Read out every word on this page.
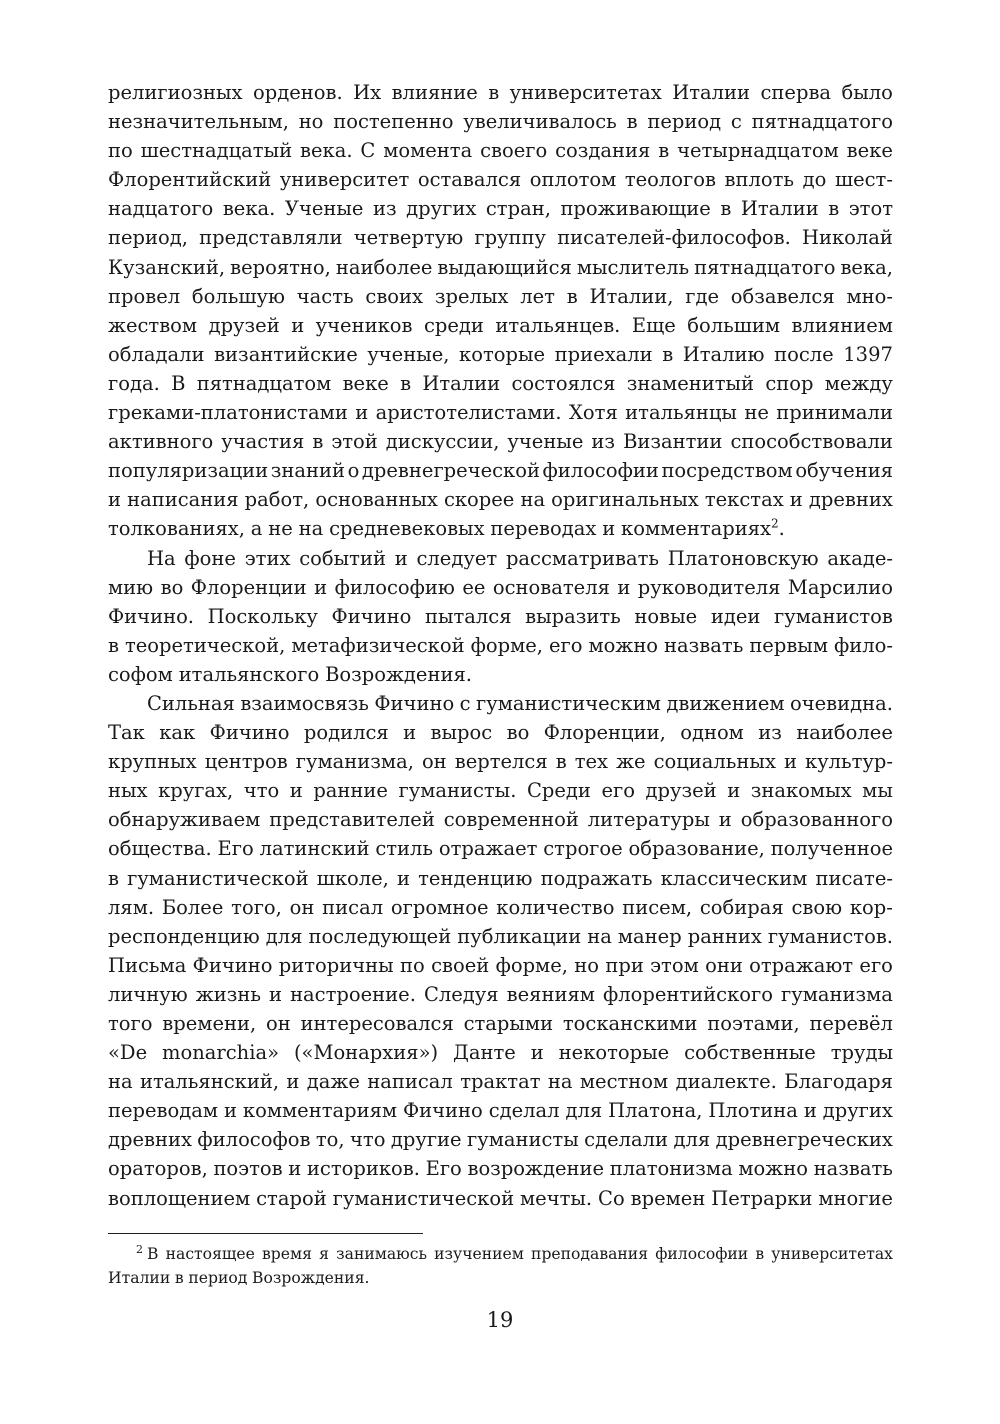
религиозных орденов. Их влияние в университетах Италии сперва было
незначительным, но постепенно увеличивалось в период с пятнадцатого
по шестнадцатый века. С момента своего создания в четырнадцатом веке
Флорентийский университет оставался оплотом теологов вплоть до шест-
надцатого века. Ученые из других стран, проживающие в Италии в этот
период, представляли четвертую группу писателей-философов. Николай
Кузанский, вероятно, наиболее выдающийся мыслитель пятнадцатого века,
провел большую часть своих зрелых лет в Италии, где обзавелся мно-
жеством друзей и учеников среди итальянцев. Еще большим влиянием
обладали византийские ученые, которые приехали в Италию после 1397
года. В пятнадцатом веке в Италии состоялся знаменитый спор между
греками-платонистами и аристотелистами. Хотя итальянцы не принимали
активного участия в этой дискуссии, ученые из Византии способствовали
популяризации знаний о древнегреческой философии посредством обучения
и написания работ, основанных скорее на оригинальных текстах и древних
толкованиях, а не на средневековых переводах и комментариях$^2$.
На фоне этих событий и следует рассматривать Платоновскую акаде-
мию во Флоренции и философию ее основателя и руководителя Марсилио
Фичино. Поскольку Фичино пытался выразить новые идеи гуманистов
в теоретической, метафизической форме, его можно назвать первым фило-
софом итальянского Возрождения.
Сильная взаимосвязь Фичино с гуманистическим движением очевидна.
Так как Фичино родился и вырос во Флоренции, одном из наиболее
крупных центров гуманизма, он вертелся в тех же социальных и культур-
ных кругах, что и ранние гуманисты. Среди его друзей и знакомых мы
обнаруживаем представителей современной литературы и образованного
общества. Его латинский стиль отражает строгое образование, полученное
в гуманистической школе, и тенденцию подражать классическим писате-
лям. Более того, он писал огромное количество писем, собирая свою кор-
респонденцию для последующей публикации на манер ранних гуманистов.
Письма Фичино риторичны по своей форме, но при этом они отражают его
личную жизнь и настроение. Следуя веяниям флорентийского гуманизма
того времени, он интересовался старыми тосканскими поэтами, перевёл
«De monarchia» («Монархия») Данте и некоторые собственные труды
на итальянский, и даже написал трактат на местном диалекте. Благодаря
переводам и комментариям Фичино сделал для Платона, Плотина и других
древних философов то, что другие гуманисты сделали для древнегреческих
ораторов, поэтов и историков. Его возрождение платонизма можно назвать
воплощением старой гуманистической мечты. Со времен Петрарки многие
$^2$ В настоящее время я занимаюсь изучением преподавания философии в университетах
Италии в период Возрождения.
19
